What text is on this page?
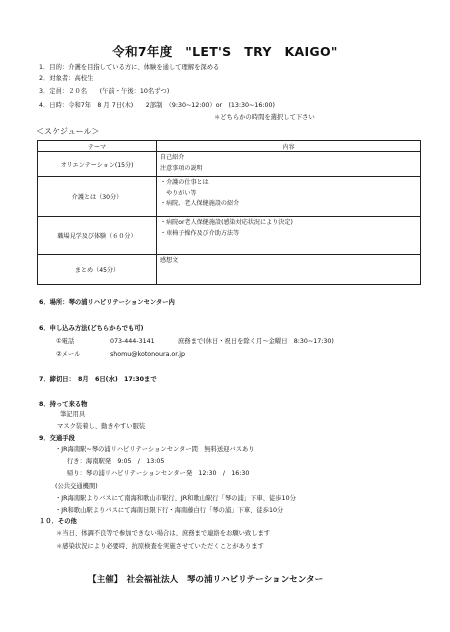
令和7年度　"LET'S　TRY　KAIGO"
1．目的：介護を目指している方に、体験を通して理解を深める
2．対象者：高校生
3．定員：２０名　　(午前・午後：10名ずつ)
4．日時：令和7年　8 月 7日(木)　　2部制　（9:30~12:00）or　(13:30~16:00)
＊どちらかの時間を選択して下さい
＜スケジュール＞
テーマ	内容
オリエンテーション(15分)	自己紹介
注意事項の説明

介護とは（30分）	・介護の仕事とは
　やりがい等
・病院、老人保健施設の紹介

職場見学及び体験（６０分）	・病院or老人保健施設(感染対応状況により決定)
・車椅子操作及び介助方法等

まとめ（45分）	感想文
6．場所：琴の浦リハビリテーションセンター内
6．申し込み方法(どちらからでも可)
①電話	073-444-3141	庶務まで(休日・祝日を除く月～金曜日　8:30~17:30)
②メール	shomu@kotonoura.or.jp
7．締切日：　8月　6日(水)　17:30まで
8．持って来る物
筆記用具
マスク装着し、動きやすい服装
9．交通手段
・JR海南駅~琴の浦リハビリテーションセンター間　無料送迎バスあり
行き：海南駅発　9:05　/　13:05
帰り：琴の浦リハビリテーションセンター発　12:30　/　16:30
(公共交通機関)
・JR海南駅よりバスにて南海和歌山市駅行、JR和歌山駅行「琴の浦」下車、徒歩10分
・JR和歌山駅よりバスにて海南日限下行・海南藤白行「琴の浦」下車、徒歩10分
１０．その他
＊当日、体調不良等で参加できない場合は、庶務まで連絡をお願い致します
＊感染状況により必要時、抗原検査を実施させていただくことがあります
【主催】　社会福祉法人　琴の浦リハビリテーションセンター
